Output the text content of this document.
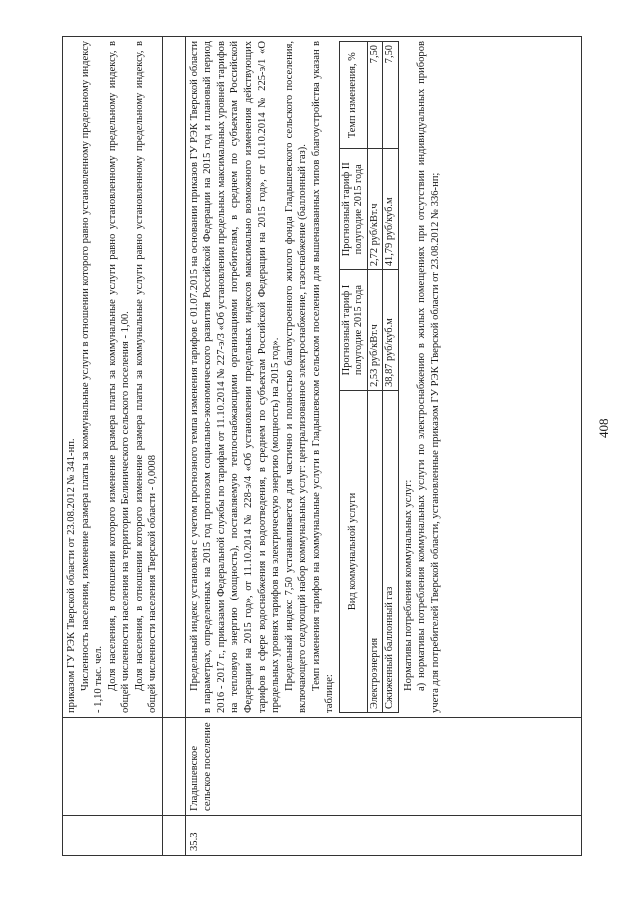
408

приказом ГУ РЭК Тверской области от 23.08.2012 № 341-нп. Численность населения, изменение размера платы за коммунальные услуги в отношении которого равно установленному предельному индексу - 1,10 тыс. чел. Доля населения, в отношении которого изменение размера платы за коммунальные услуги равно установленному предельному индексу, в общей численности населения на территории Белинического сельского поселения - 1,00. Доля населения, в отношении которого изменение размера платы за коммунальные услуги равно установленному предельному индексу, в общей численности населения Тверской области - 0,0008

35.3	Гладышевское сельское поселение	

Предельный индекс установлен с учетом прогнозного темпа изменения тарифов с 01.07.2015 на основании приказов ГУ РЭК Тверской области в параметрах, определенных на 2015 год прогнозом социально-экономического развития Российской Федерации на 2015 год и плановый период 2016 - 2017 г., приказами Федеральной службы по тарифам от 11.10.2014 № 227-э/3 «Об установлении предельных максимальных уровней тарифов на тепловую энергию (мощность), поставляемую теплоснабжающими организациями потребителям, в среднем по субъектам Российской Федерации на 2015 год», от 11.10.2014 № 228-э/4 «Об установлении предельных индексов максимально возможного изменения действующих тарифов в сфере водоснабжения и водоотведения, в среднем по субъектам Российской Федерации на 2015 год», от 10.10.2014 № 225-э/1 «О предельных уровнях тарифов на электрическую энергию (мощность) на 2015 год». Предельный индекс 7,50 устанавливается для частично и полностью благоустроенного жилого фонда Гладышевского сельского поселения, включающего следующий набор коммунальных услуг: централизованное электроснабжение, газоснабжение (баллонный газ). Темп изменения тарифов на коммунальные услуги в Гладышевском сельском поселении для вышеназванных типов благоустройства указан в таблице:

Вид коммунальной услуги	Прогнозный тариф I полугодие 2015 года	Прогнозный тариф II полугодие 2015 года	Темп изменения, %
Электроэнергия	2,53 руб/кВт.ч	2,72 руб/кВт.ч	7,50
Сжиженный баллонный газ	38,87 руб/куб.м	41,79 руб/куб.м	7,50

Нормативы потребления коммунальных услуг: а) нормативы потребления коммунальных услуги по электроснабжению в жилых помещениях при отсутствии индивидуальных приборов учета для потребителей Тверской области, установленные приказом ГУ РЭК Тверской области от 23.08.2012 № 336-нп;
